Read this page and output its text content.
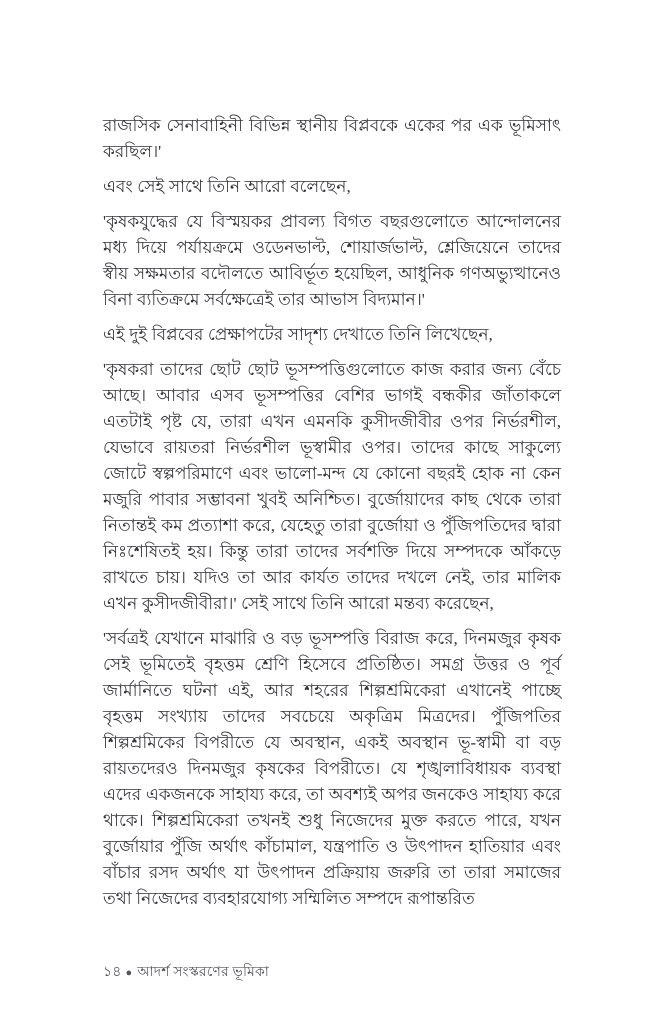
রাজসিক সেনাবাহিনী বিভিন্ন স্থানীয় বিপ্লবকে একের পর এক ভূমিসাৎ করছিল।'

এবং সেই সাথে তিনি আরো বলেছেন,

'কৃষকযুদ্ধের যে বিস্ময়কর প্রাবল্য বিগত বছরগুলোতে আন্দোলনের মধ্য দিয়ে পর্যায়ক্রমে ওডেনভাল্ট, শোয়ার্জভাল্ট, শ্লেজিয়েনে তাদের স্বীয় সক্ষমতার বদৌলতে আবির্ভূত হয়েছিল, আধুনিক গণঅভ্যুত্থানেও বিনা ব্যতিক্রমে সর্বক্ষেত্রেই তার আভাস বিদ্যমান।'

এই দুই বিপ্লবের প্রেক্ষাপটের সাদৃশ্য দেখাতে তিনি লিখেছেন,

'কৃষকরা তাদের ছোট ছোট ভূসম্পত্তিগুলোতে কাজ করার জন্য বেঁচে আছে। আবার এসব ভূসম্পত্তির বেশির ভাগই বন্ধকীর জাঁতাকলে এতটাই পৃষ্ট যে, তারা এখন এমনকি কুসীদজীবীর ওপর নির্ভরশীল, যেভাবে রায়তরা নির্ভরশীল ভূস্বামীর ওপর। তাদের কাছে সাকুল্যে জোটে স্বল্পপরিমাণে এবং ভালো-মন্দ যে কোনো বছরই হোক না কেন মজুরি পাবার সম্ভাবনা খুবই অনিশ্চিত। বুর্জোয়াদের কাছ থেকে তারা নিতান্তই কম প্রত্যাশা করে, যেহেতু তারা বুর্জোয়া ও পুঁজিপতিদের দ্বারা নিঃশেষিতই হয়। কিন্তু তারা তাদের সর্বশক্তি দিয়ে সম্পদকে আঁকড়ে রাখতে চায়। যদিও তা আর কার্যত তাদের দখলে নেই, তার মালিক এখন কুসীদজীবীরা।' সেই সাথে তিনি আরো মন্তব্য করেছেন,

'সর্বত্রই যেখানে মাঝারি ও বড় ভূসম্পত্তি বিরাজ করে, দিনমজুর কৃষক সেই ভূমিতেই বৃহত্তম শ্রেণি হিসেবে প্রতিষ্ঠিত। সমগ্র উত্তর ও পূর্ব জার্মানিতে ঘটনা এই, আর শহরের শিল্পশ্রমিকেরা এখানেই পাচ্ছে বৃহত্তম সংখ্যায় তাদের সবচেয়ে অকৃত্রিম মিত্রদের। পুঁজিপতির শিল্পশ্রমিকের বিপরীতে যে অবস্থান, একই অবস্থান ভূ-স্বামী বা বড় রায়তদেরও দিনমজুর কৃষকের বিপরীতে। যে শৃঙ্খলাবিধায়ক ব্যবস্থা এদের একজনকে সাহায্য করে, তা অবশ্যই অপর জনকেও সাহায্য করে থাকে। শিল্পশ্রমিকেরা তখনই শুধু নিজেদের মুক্ত করতে পারে, যখন বুর্জোয়ার পুঁজি অর্থাৎ কাঁচামাল, যন্ত্রপাতি ও উৎপাদন হাতিয়ার এবং বাঁচার রসদ অর্থাৎ যা উৎপাদন প্রক্রিয়ায় জরুরি তা তারা সমাজের তথা নিজেদের ব্যবহারযোগ্য সম্মিলিত সম্পদে রূপান্তরিত

১৪ ● আদর্শ সংস্করণের ভূমিকা
